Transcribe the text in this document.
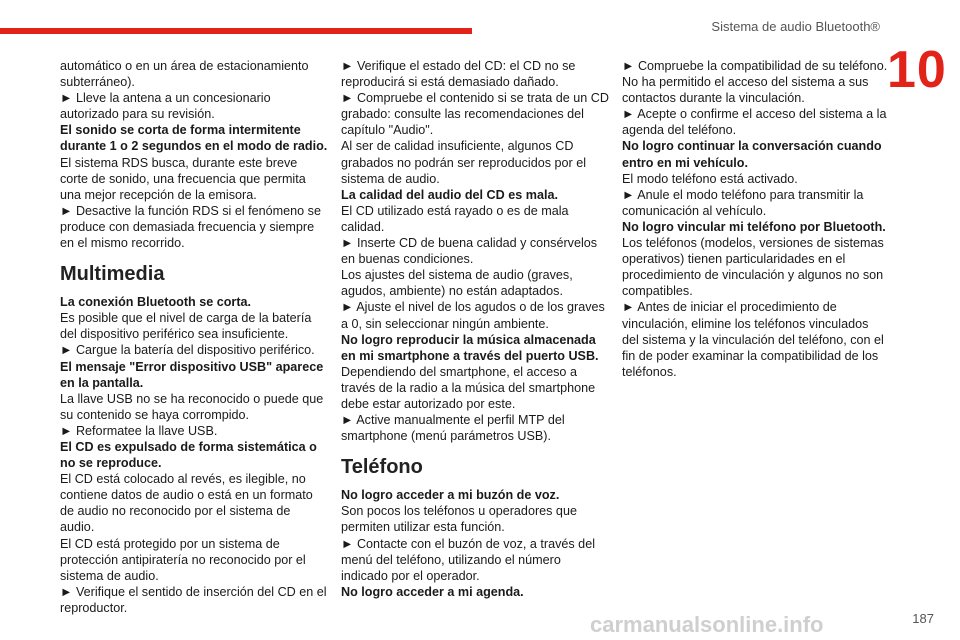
Sistema de audio Bluetooth®
10

automático o en un área de estacionamiento subterráneo).

► Lleve la antena a un concesionario autorizado para su revisión.

El sonido se corta de forma intermitente durante 1 o 2 segundos en el modo de radio.

El sistema RDS busca, durante este breve corte de sonido, una frecuencia que permita una mejor recepción de la emisora.

► Desactive la función RDS si el fenómeno se produce con demasiada frecuencia y siempre en el mismo recorrido.

Multimedia

La conexión Bluetooth se corta.

Es posible que el nivel de carga de la batería del dispositivo periférico sea insuficiente.

► Cargue la batería del dispositivo periférico.

El mensaje "Error dispositivo USB" aparece en la pantalla.

La llave USB no se ha reconocido o puede que su contenido se haya corrompido.

► Reformatee la llave USB.

El CD es expulsado de forma sistemática o no se reproduce.

El CD está colocado al revés, es ilegible, no contiene datos de audio o está en un formato de audio no reconocido por el sistema de audio.

El CD está protegido por un sistema de protección antipiratería no reconocido por el sistema de audio.

► Verifique el sentido de inserción del CD en el reproductor.

► Verifique el estado del CD: el CD no se reproducirá si está demasiado dañado.

► Compruebe el contenido si se trata de un CD grabado: consulte las recomendaciones del capítulo "Audio".

Al ser de calidad insuficiente, algunos CD grabados no podrán ser reproducidos por el sistema de audio.

La calidad del audio del CD es mala.

El CD utilizado está rayado o es de mala calidad.

► Inserte CD de buena calidad y consérvelos en buenas condiciones.

Los ajustes del sistema de audio (graves, agudos, ambiente) no están adaptados.

► Ajuste el nivel de los agudos o de los graves a 0, sin seleccionar ningún ambiente.

No logro reproducir la música almacenada en mi smartphone a través del puerto USB.

Dependiendo del smartphone, el acceso a través de la radio a la música del smartphone debe estar autorizado por este.

► Active manualmente el perfil MTP del smartphone (menú parámetros USB).

Teléfono

No logro acceder a mi buzón de voz.

Son pocos los teléfonos u operadores que permiten utilizar esta función.

► Contacte con el buzón de voz, a través del menú del teléfono, utilizando el número indicado por el operador.

No logro acceder a mi agenda.

► Compruebe la compatibilidad de su teléfono.

No ha permitido el acceso del sistema a sus contactos durante la vinculación.

► Acepte o confirme el acceso del sistema a la agenda del teléfono.

No logro continuar la conversación cuando entro en mi vehículo.

El modo teléfono está activado.

► Anule el modo teléfono para transmitir la comunicación al vehículo.

No logro vincular mi teléfono por Bluetooth.

Los teléfonos (modelos, versiones de sistemas operativos) tienen particularidades en el procedimiento de vinculación y algunos no son compatibles.

► Antes de iniciar el procedimiento de vinculación, elimine los teléfonos vinculados del sistema y la vinculación del teléfono, con el fin de poder examinar la compatibilidad de los teléfonos.

carmanualsonline.info	187
